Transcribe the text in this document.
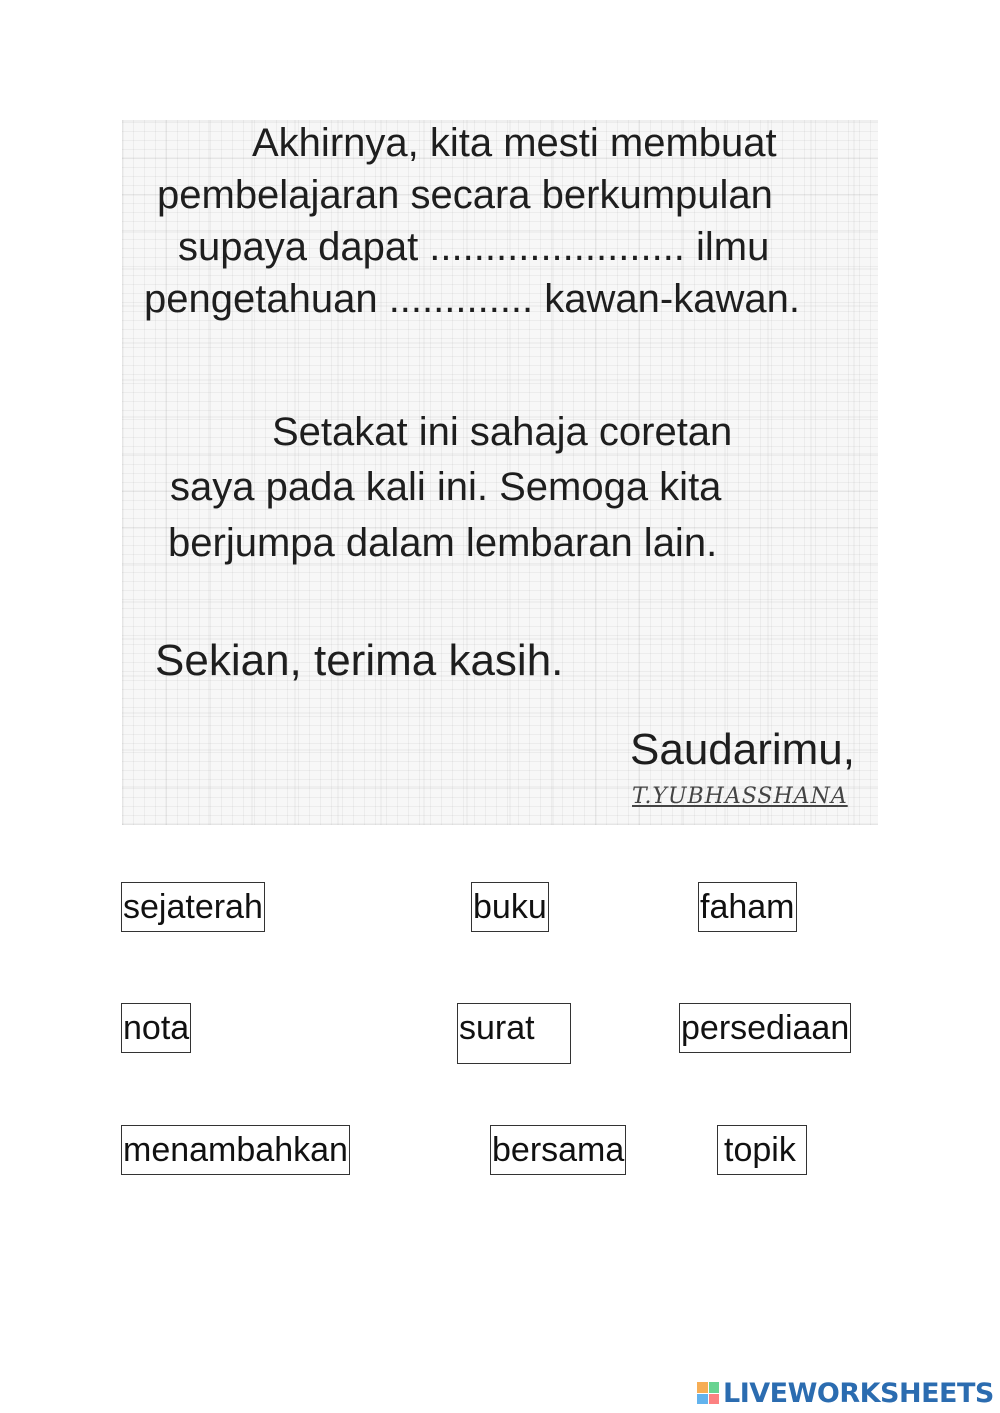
Akhirnya, kita mesti membuat
pembelajaran secara berkumpulan
supaya dapat ....................... ilmu
pengetahuan ............. kawan-kawan.
Setakat ini sahaja coretan
saya pada kali ini. Semoga kita
berjumpa dalam lembaran lain.
Sekian, terima kasih.
Saudarimu,
T.YUBHASSHANA
sejaterah	buku	faham
nota	surat	persediaan
menambahkan	bersama	topik
LIVEWORKSHEETS
